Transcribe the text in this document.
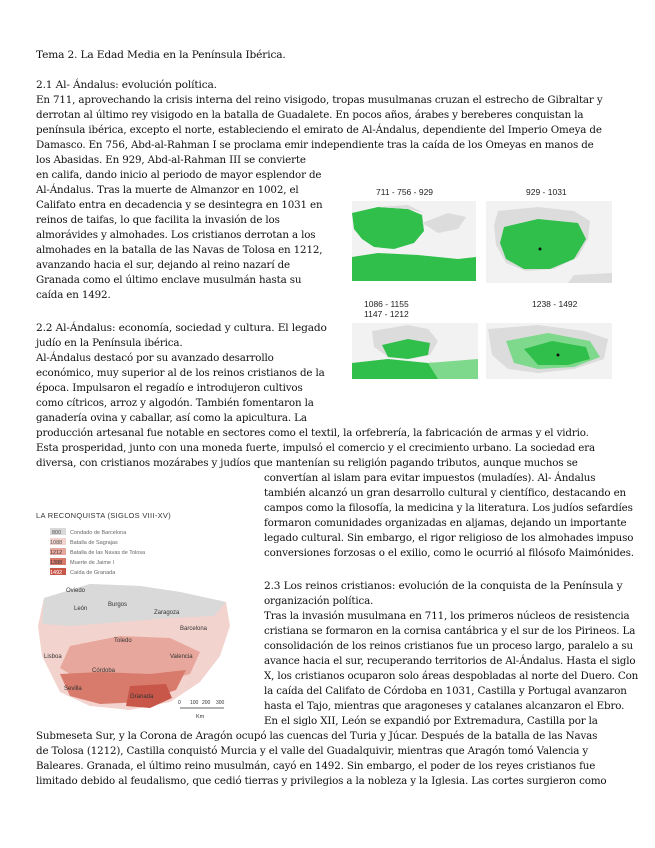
Tema 2. La Edad Media en la Península Ibérica.
2.1 Al- Ándalus: evolución política.
En 711, aprovechando la crisis interna del reino visigodo, tropas musulmanas cruzan el estrecho de Gibraltar y
derrotan al último rey visigodo en la batalla de Guadalete. En pocos años, árabes y bereberes conquistan la
península ibérica, excepto el norte, estableciendo el emirato de Al-Ándalus, dependiente del Imperio Omeya de
Damasco. En 756, Abd-al-Rahman I se proclama emir independiente tras la caída de los Omeyas en manos de
los Abasidas. En 929, Abd-al-Rahman III se convierte
en califa, dando inicio al periodo de mayor esplendor de
Al-Ándalus. Tras la muerte de Almanzor en 1002, el
Califato entra en decadencia y se desintegra en 1031 en
reinos de taifas, lo que facilita la invasión de los
almorávides y almohades. Los cristianos derrotan a los
almohades en la batalla de las Navas de Tolosa en 1212,
avanzando hacia el sur, dejando al reino nazarí de
Granada como el último enclave musulmán hasta su
caída en 1492.
2.2 Al-Ándalus: economía, sociedad y cultura. El legado
judío en la Península ibérica.
Al-Ándalus destacó por su avanzado desarrollo
económico, muy superior al de los reinos cristianos de la
época. Impulsaron el regadío e introdujeron cultivos
como cítricos, arroz y algodón. También fomentaron la
ganadería ovina y caballar, así como la apicultura. La
producción artesanal fue notable en sectores como el textil, la orfebrería, la fabricación de armas y el vidrio.
Esta prosperidad, junto con una moneda fuerte, impulsó el comercio y el crecimiento urbano. La sociedad era
diversa, con cristianos mozárabes y judíos que mantenían su religión pagando tributos, aunque muchos se
convertían al islam para evitar impuestos (muladíes). Al- Ándalus
también alcanzó un gran desarrollo cultural y científico, destacando en
campos como la filosofía, la medicina y la literatura. Los judíos sefardíes
formaron comunidades organizadas en aljamas, dejando un importante
legado cultural. Sin embargo, el rigor religioso de los almohades impuso
conversiones forzosas o el exilio, como le ocurrió al filósofo Maimónides.
2.3 Los reinos cristianos: evolución de la conquista de la Península y
organización política.
Tras la invasión musulmana en 711, los primeros núcleos de resistencia
cristiana se formaron en la cornisa cantábrica y el sur de los Pirineos. La
consolidación de los reinos cristianos fue un proceso largo, paralelo a su
avance hacia el sur, recuperando territorios de Al-Ándalus. Hasta el siglo
X, los cristianos ocuparon solo áreas despobladas al norte del Duero. Con
la caída del Califato de Córdoba en 1031, Castilla y Portugal avanzaron
hasta el Tajo, mientras que aragoneses y catalanes alcanzaron el Ebro.
En el siglo XII, León se expandió por Extremadura, Castilla por la
Submeseta Sur, y la Corona de Aragón ocupó las cuencas del Turia y Júcar. Después de la batalla de las Navas
de Tolosa (1212), Castilla conquistó Murcia y el valle del Guadalquivir, mientras que Aragón tomó Valencia y
Baleares. Granada, el último reino musulmán, cayó en 1492. Sin embargo, el poder de los reyes cristianos fue
limitado debido al feudalismo, que cedió tierras y privilegios a la nobleza y la Iglesia. Las cortes surgieron como
711 - 756 - 929	929 - 1031
1086 - 1155
1147 - 1212
1238 - 1492
LA RECONQUISTA (SIGLOS VIII-XV)
800 Condado de Barcelona
1088 Batalla de Sagrajas
1212 Batalla de las Navas de Tolosa
1388 Muerte de Jaime I
1492 Caída de Granada
Oviedo
Burgos
León
Zaragoza
Barcelona
Toledo
Valencia
Lisboa
Córdoba
Sevilla
Granada
0 100 200 300
Km
